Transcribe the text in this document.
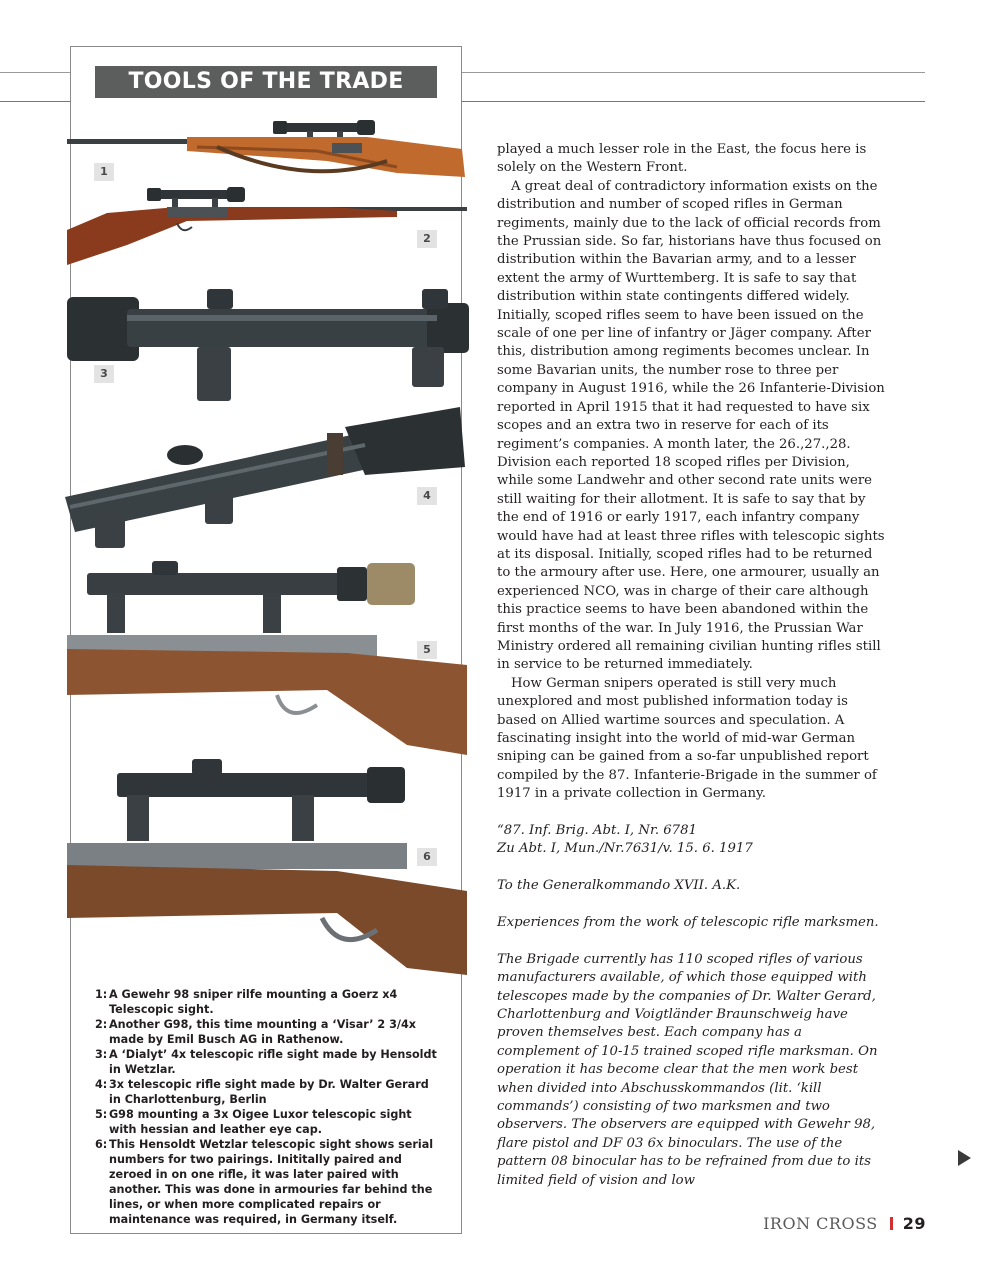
TOOLS OF THE TRADE
1
2
3
4
5
6
1: A Gewehr 98 sniper rilfe mounting a Goerz x4 Telescopic sight.
2: Another G98, this time mounting a ‘Visar’ 2 3/4x made by Emil Busch AG in Rathenow.
3: A ‘Dialyt’ 4x telescopic rifle sight made by Hensoldt in Wetzlar.
4: 3x telescopic rifle sight made by Dr. Walter Gerard in Charlottenburg, Berlin
5: G98 mounting a 3x Oigee Luxor telescopic sight with hessian and leather eye cap.
6: This Hensoldt Wetzlar telescopic sight shows serial numbers for two pairings. Inititally paired and zeroed in on one rifle, it was later paired with another. This was done in armouries far behind the lines, or when more complicated repairs or maintenance was required, in Germany itself.

played a much lesser role in the East, the focus here is solely on the Western Front.

A great deal of contradictory information exists on the distribution and number of scoped rifles in German regiments, mainly due to the lack of official records from the Prussian side. So far, historians have thus focused on distribution within the Bavarian army, and to a lesser extent the army of Wurttemberg. It is safe to say that distribution within state contingents differed widely. Initially, scoped rifles seem to have been issued on the scale of one per line of infantry or Jäger company. After this, distribution among regiments becomes unclear. In some Bavarian units, the number rose to three per company in August 1916, while the 26 Infanterie-Division reported in April 1915 that it had requested to have six scopes and an extra two in reserve for each of its regiment’s companies. A month later, the 26.,27.,28. Division each reported 18 scoped rifles per Division, while some Landwehr and other second rate units were still waiting for their allotment. It is safe to say that by the end of 1916 or early 1917, each infantry company would have had at least three rifles with telescopic sights at its disposal. Initially, scoped rifles had to be returned to the armoury after use. Here, one armourer, usually an experienced NCO, was in charge of their care although this practice seems to have been abandoned within the first months of the war. In July 1916, the Prussian War Ministry ordered all remaining civilian hunting rifles still in service to be returned immediately.

How German snipers operated is still very much unexplored and most published information today is based on Allied wartime sources and speculation. A fascinating insight into the world of mid-war German sniping can be gained from a so-far unpublished report compiled by the 87. Infanterie-Brigade in the summer of 1917 in a private collection in Germany.

“87. Inf. Brig. Abt. I, Nr. 6781

Zu Abt. I, Mun./Nr.7631/v. 15. 6. 1917

To the Generalkommando XVII. A.K.

Experiences from the work of telescopic rifle marksmen.

The Brigade currently has 110 scoped rifles of various manufacturers available, of which those equipped with telescopes made by the companies of Dr. Walter Gerard, Charlottenburg and Voigtländer Braunschweig have proven themselves best. Each company has a complement of 10-15 trained scoped rifle marksman. On operation it has become clear that the men work best when divided into Abschusskommandos (lit. ‘kill commands’) consisting of two marksmen and two observers. The observers are equipped with Gewehr 98, flare pistol and DF 03 6x binoculars. The use of the pattern 08 binocular has to be refrained from due to its limited field of vision and low

IRON CROSS 29
